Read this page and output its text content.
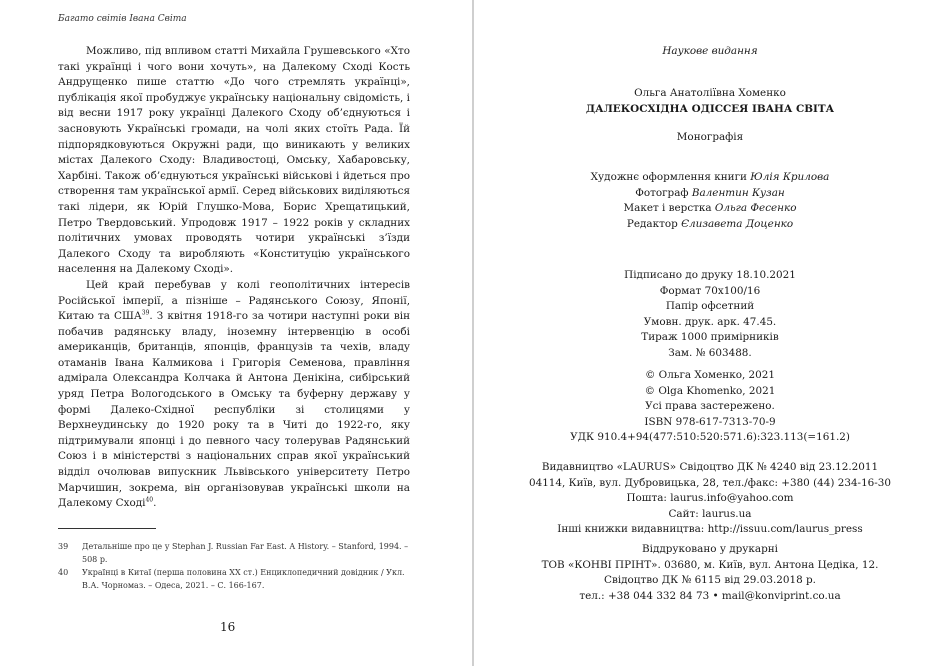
Багато світів Івана Світа

Можливо, під впливом статті Михайла Грушевського «Хто такі українці і чого вони хочуть», на Далекому Сході Кость Андрущенко пише статтю «До чого стремлять українці», публікація якої пробуджує українську національну свідомість, і від весни 1917 року українці Далекого Сходу об’єднуються і засновують Українські громади, на чолі яких стоїть Рада. Їй підпорядковуються Окружні ради, що виникають у великих містах Далекого Сходу: Владивостоці, Омську, Хабаровську, Харбіні. Також об’єднуються українські військові і йдеться про створення там української армії. Серед військових виділяються такі лідери, як Юрій Глушко-Мова, Борис Хрещатицький, Петро Твердовський. Упродовж 1917 – 1922 років у складних політичних умовах проводять чотири українські з’їзди Далекого Сходу та виробляють «Конституцію українського населення на Далекому Сході».

Цей край перебував у колі геополітичних інтересів Російської імперії, а пізніше – Радянського Союзу, Японії, Китаю та США$^{39}$. З квітня 1918-го за чотири наступні роки він побачив радянську владу, іноземну інтервенцію в особі американців, британців, японців, французів та чехів, владу отаманів Івана Калмикова і Григорія Семенова, правління адмірала Олександра Колчака й Антона Денікіна, сибірський уряд Петра Вологодського в Омську та буферну державу у формі Далеко-Східної республіки зі столицями у Верхнеудинську до 1920 року та в Читі до 1922-го, яку підтримували японці і до певного часу толерував Радянський Союз і в міністерстві з національних справ якої український відділ очолював випускник Львівського університету Петро Марчишин, зокрема, він організовував українські школи на Далекому Сході$^{40}$.

39	Детальніше про це у Stephan J. Russian Far East. A History. – Stanford, 1994. – 508 p.
40	Українці в Китаї (перша половина XX ст.) Енциклопедичний довідник / Укл. В.А. Чорномаз. – Одеса, 2021. – С. 166-167.
16
Наукове видання
Ольга Анатоліївна Хоменко
ДАЛЕКОСХІДНА ОДІССЕЯ ІВАНА СВІТА
Монографія
Художнє оформлення книги Юлія Крилова
Фотограф Валентин Кузан
Макет і верстка Ольга Фесенко
Редактор Єлизавета Доценко
Підписано до друку 18.10.2021
Формат 70x100/16
Папір офсетний
Умовн. друк. арк. 47.45.
Тираж 1000 примірників
Зам. № 603488.
© Ольга Хоменко, 2021
© Olga Khomenko, 2021
Усі права застережено.
ISBN 978-617-7313-70-9
УДК 910.4+94(477:510:520:571.6):323.113(=161.2)
Видавництво «LAURUS» Свідоцтво ДК № 4240 від 23.12.2011
04114, Київ, вул. Дубровицька, 28, тел./факс: +380 (44) 234-16-30
Пошта: laurus.info@yahoo.com
Сайт: laurus.ua
Інші книжки видавництва: http://issuu.com/laurus_press
Віддруковано у друкарні
ТОВ «КОНВІ ПРІНТ». 03680, м. Київ, вул. Антона Цедіка, 12.
Свідоцтво ДК № 6115 від 29.03.2018 р.
тел.: +38 044 332 84 73 • mail@konviprint.co.ua
